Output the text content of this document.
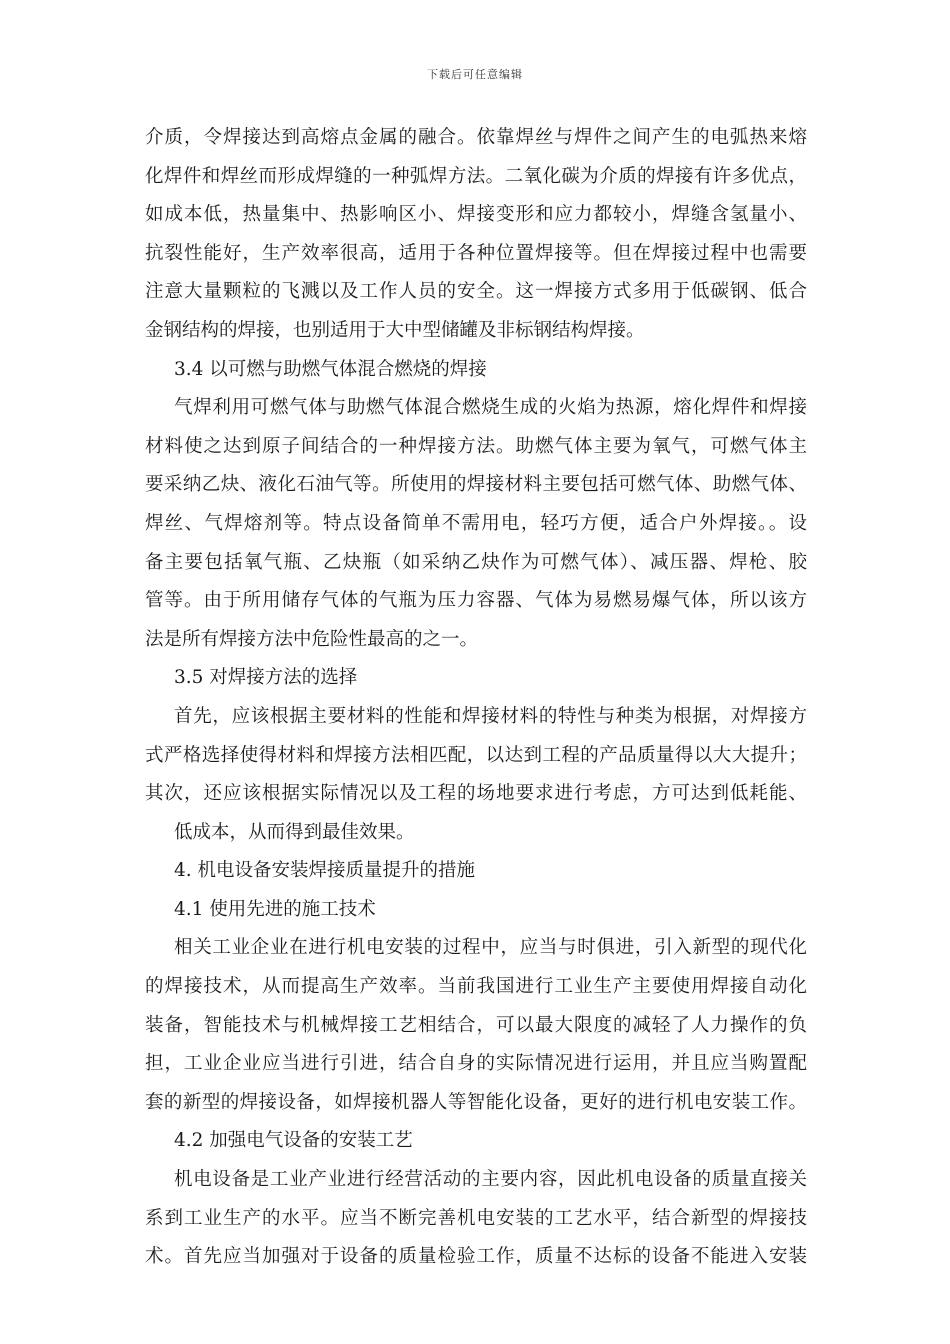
下载后可任意编辑
介质，令焊接达到高熔点金属的融合。依靠焊丝与焊件之间产生的电弧热来熔
化焊件和焊丝而形成焊缝的一种弧焊方法。二氧化碳为介质的焊接有许多优点，
如成本低，热量集中、热影响区小、焊接变形和应力都较小，焊缝含氢量小、
抗裂性能好，生产效率很高，适用于各种位置焊接等。但在焊接过程中也需要
注意大量颗粒的飞溅以及工作人员的安全。这一焊接方式多用于低碳钢、低合
金钢结构的焊接，也别适用于大中型储罐及非标钢结构焊接。
3.4 以可燃与助燃气体混合燃烧的焊接
气焊利用可燃气体与助燃气体混合燃烧生成的火焰为热源，熔化焊件和焊接
材料使之达到原子间结合的一种焊接方法。助燃气体主要为氧气，可燃气体主
要采纳乙炔、液化石油气等。所使用的焊接材料主要包括可燃气体、助燃气体、
焊丝、气焊熔剂等。特点设备简单不需用电，轻巧方便，适合户外焊接。。设
备主要包括氧气瓶、乙炔瓶（如采纳乙炔作为可燃气体）、减压器、焊枪、胶
管等。由于所用储存气体的气瓶为压力容器、气体为易燃易爆气体，所以该方
法是所有焊接方法中危险性最高的之一。
3.5 对焊接方法的选择
首先，应该根据主要材料的性能和焊接材料的特性与种类为根据，对焊接方
式严格选择使得材料和焊接方法相匹配，以达到工程的产品质量得以大大提升；
其次，还应该根据实际情况以及工程的场地要求进行考虑，方可达到低耗能、
低成本，从而得到最佳效果。
4. 机电设备安装焊接质量提升的措施
4.1 使用先进的施工技术
相关工业企业在进行机电安装的过程中，应当与时俱进，引入新型的现代化
的焊接技术，从而提高生产效率。当前我国进行工业生产主要使用焊接自动化
装备，智能技术与机械焊接工艺相结合，可以最大限度的减轻了人力操作的负
担，工业企业应当进行引进，结合自身的实际情况进行运用，并且应当购置配
套的新型的焊接设备，如焊接机器人等智能化设备，更好的进行机电安装工作。
4.2 加强电气设备的安装工艺
机电设备是工业产业进行经营活动的主要内容，因此机电设备的质量直接关
系到工业生产的水平。应当不断完善机电安装的工艺水平，结合新型的焊接技
术。首先应当加强对于设备的质量检验工作，质量不达标的设备不能进入安装
